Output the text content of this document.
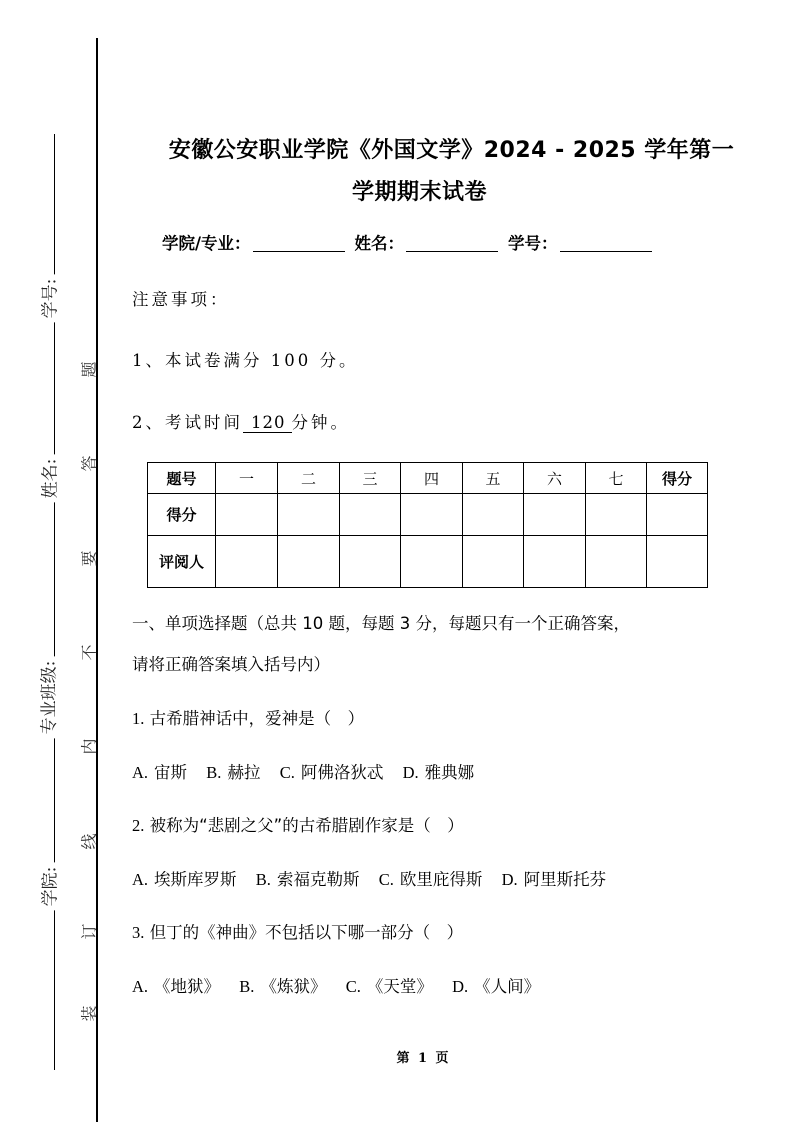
学号:
姓名:
专业班级:
学院:
题
答
要
不
内
线
订
装
安徽公安职业学院《外国文学》2024 - 2025 学年第一
学期期末试卷
学院/专业：	姓名：	学号：
注意事项：
1、本试卷满分 100 分。
2、考试时间 120 分钟。
题号	一	二	三	四	五	六	七	得分
得分								
评阅人								
一、单项选择题（总共 10 题，每题 3 分，每题只有一个正确答案，
请将正确答案填入括号内）
1. 古希腊神话中，爱神是（　）
A. 宙斯 B. 赫拉 C. 阿佛洛狄忒 D. 雅典娜
2. 被称为“悲剧之父”的古希腊剧作家是（　）
A. 埃斯库罗斯 B. 索福克勒斯 C. 欧里庇得斯 D. 阿里斯托芬
3. 但丁的《神曲》不包括以下哪一部分（　）
A. 《地狱》 B. 《炼狱》 C. 《天堂》 D. 《人间》
第 1 页
